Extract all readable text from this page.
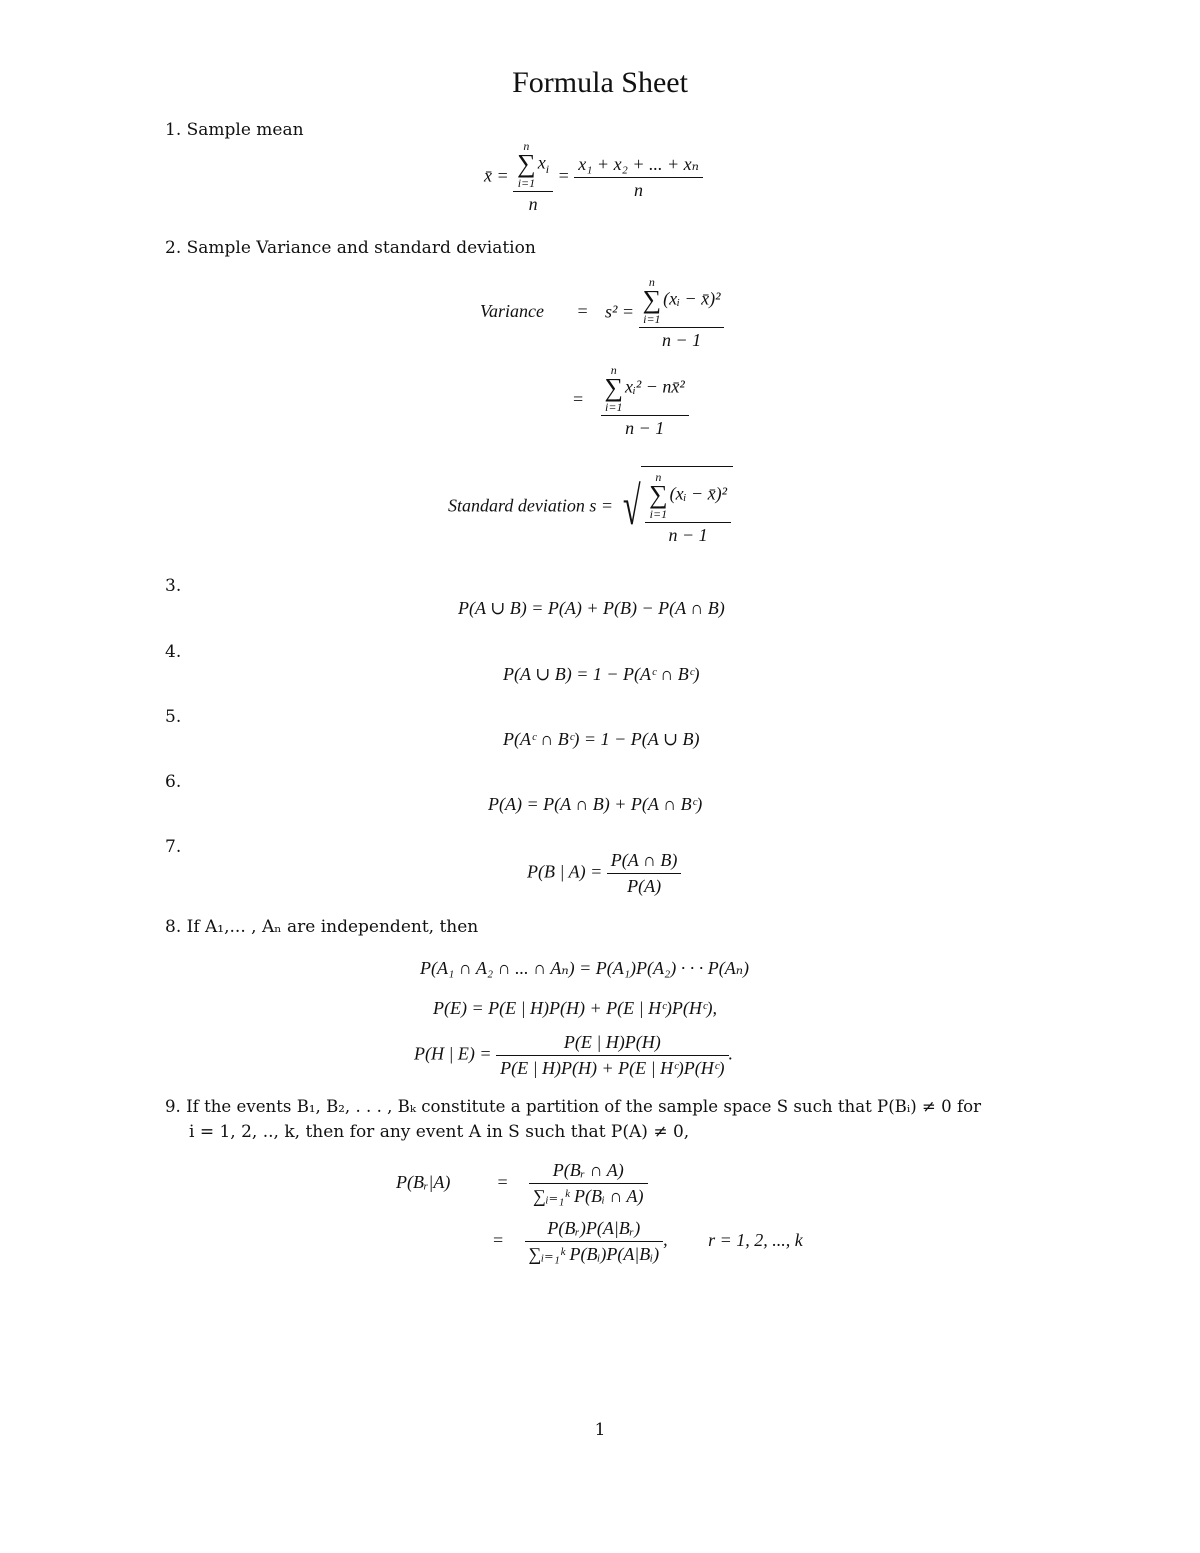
Formula Sheet
1. Sample mean
x̄ = n
∑
i=1
$x_i$
$n = \frac{\text{x₁ + x₂ + ... + xₙ}}{n}$
2. Sample Variance and standard deviation
Variance = s² = n
∑
i=1
(xᵢ − x̄)²
n − 1
= n
∑
i=1
xᵢ² − nx̄²
n − 1
Standard deviation s = √ n
∑
i=1
(xᵢ − x̄)²
n − 1
3.
P(A ∪ B) = P(A) + P(B) − P(A ∩ B)
4.
P(A ∪ B) = 1 − P(Aᶜ ∩ Bᶜ)
5.
P(Aᶜ ∩ Bᶜ) = 1 − P(A ∪ B)
6.
P(A) = P(A ∩ B) + P(A ∩ Bᶜ)
7.
P(B | $A) = \frac{P(A \cap B)}{P(A)}$
8. If A₁,... , Aₙ are independent, then
P(A₁ ∩ A₂ ∩ ... ∩ Aₙ) = P(A₁)P(A₂) · · · P(Aₙ)
P(E) = P(E | H)P(H) + P(E | Hᶜ)P(Hᶜ),
P(H | $E) = \frac{P(E | H)P(H)}{\text{P(E | H)P(H) + P(E | Hᶜ)P(Hᶜ)}}$ .
9. If the events B₁, B₂, . . . , Bₖ constitute a partition of the sample space S such that P(Bᵢ) ≠ 0 for
i = 1, 2, .., k, then for any event A in S such that P(A) ≠ 0,
P(Bᵣ|A)	= $\frac{\text{P(Bᵣ ∩ A)}}{\text{∑ᵢ₌₁ᵏ P(Bᵢ ∩ A)}}$
= $\frac{\text{P(Bᵣ)P(A|Bᵣ)}}{\text{∑ᵢ₌₁ᵏ P(Bᵢ)P(A|Bᵢ)}}$ , r = 1, 2, ..., k
1
